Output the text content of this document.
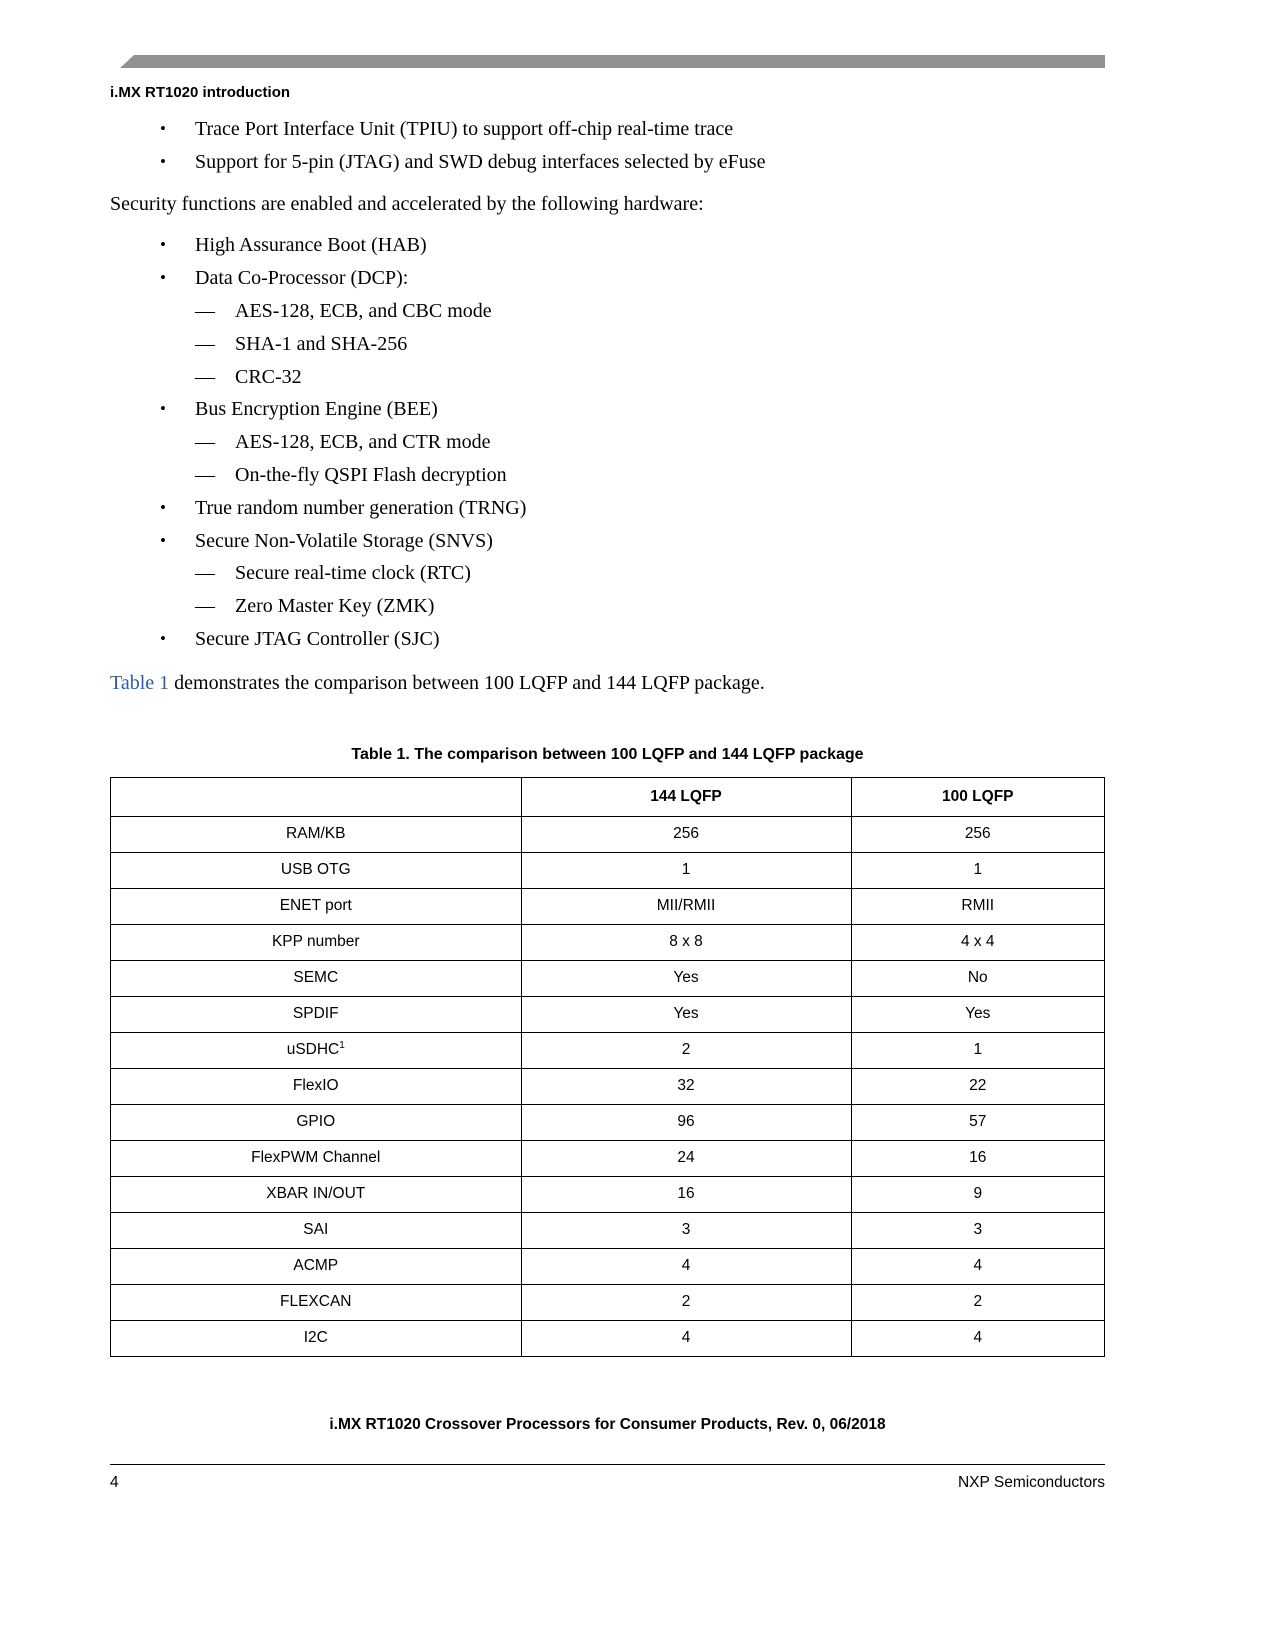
i.MX RT1020 introduction
•	Trace Port Interface Unit (TPIU) to support off-chip real-time trace
•	Support for 5-pin (JTAG) and SWD debug interfaces selected by eFuse

Security functions are enabled and accelerated by the following hardware:

•	High Assurance Boot (HAB)
•	Data Co-Processor (DCP):
—	AES-128, ECB, and CBC mode
—	SHA-1 and SHA-256
—	CRC-32
•	Bus Encryption Engine (BEE)
—	AES-128, ECB, and CTR mode
—	On-the-fly QSPI Flash decryption
•	True random number generation (TRNG)
•	Secure Non-Volatile Storage (SNVS)
—	Secure real-time clock (RTC)
—	Zero Master Key (ZMK)
•	Secure JTAG Controller (SJC)

Table 1 demonstrates the comparison between 100 LQFP and 144 LQFP package.

Table 1. The comparison between 100 LQFP and 144 LQFP package
	144 LQFP	100 LQFP
RAM/KB	256	256
USB OTG	1	1
ENET port	MII/RMII	RMII
KPP number	8 x 8	4 x 4
SEMC	Yes	No
SPDIF	Yes	Yes
uSDHC$^1$	2	1
FlexIO	32	22
GPIO	96	57
FlexPWM Channel	24	16
XBAR IN/OUT	16	9
SAI	3	3
ACMP	4	4
FLEXCAN	2	2
I2C	4	4
i.MX RT1020 Crossover Processors for Consumer Products, Rev. 0, 06/2018
4	NXP Semiconductors
